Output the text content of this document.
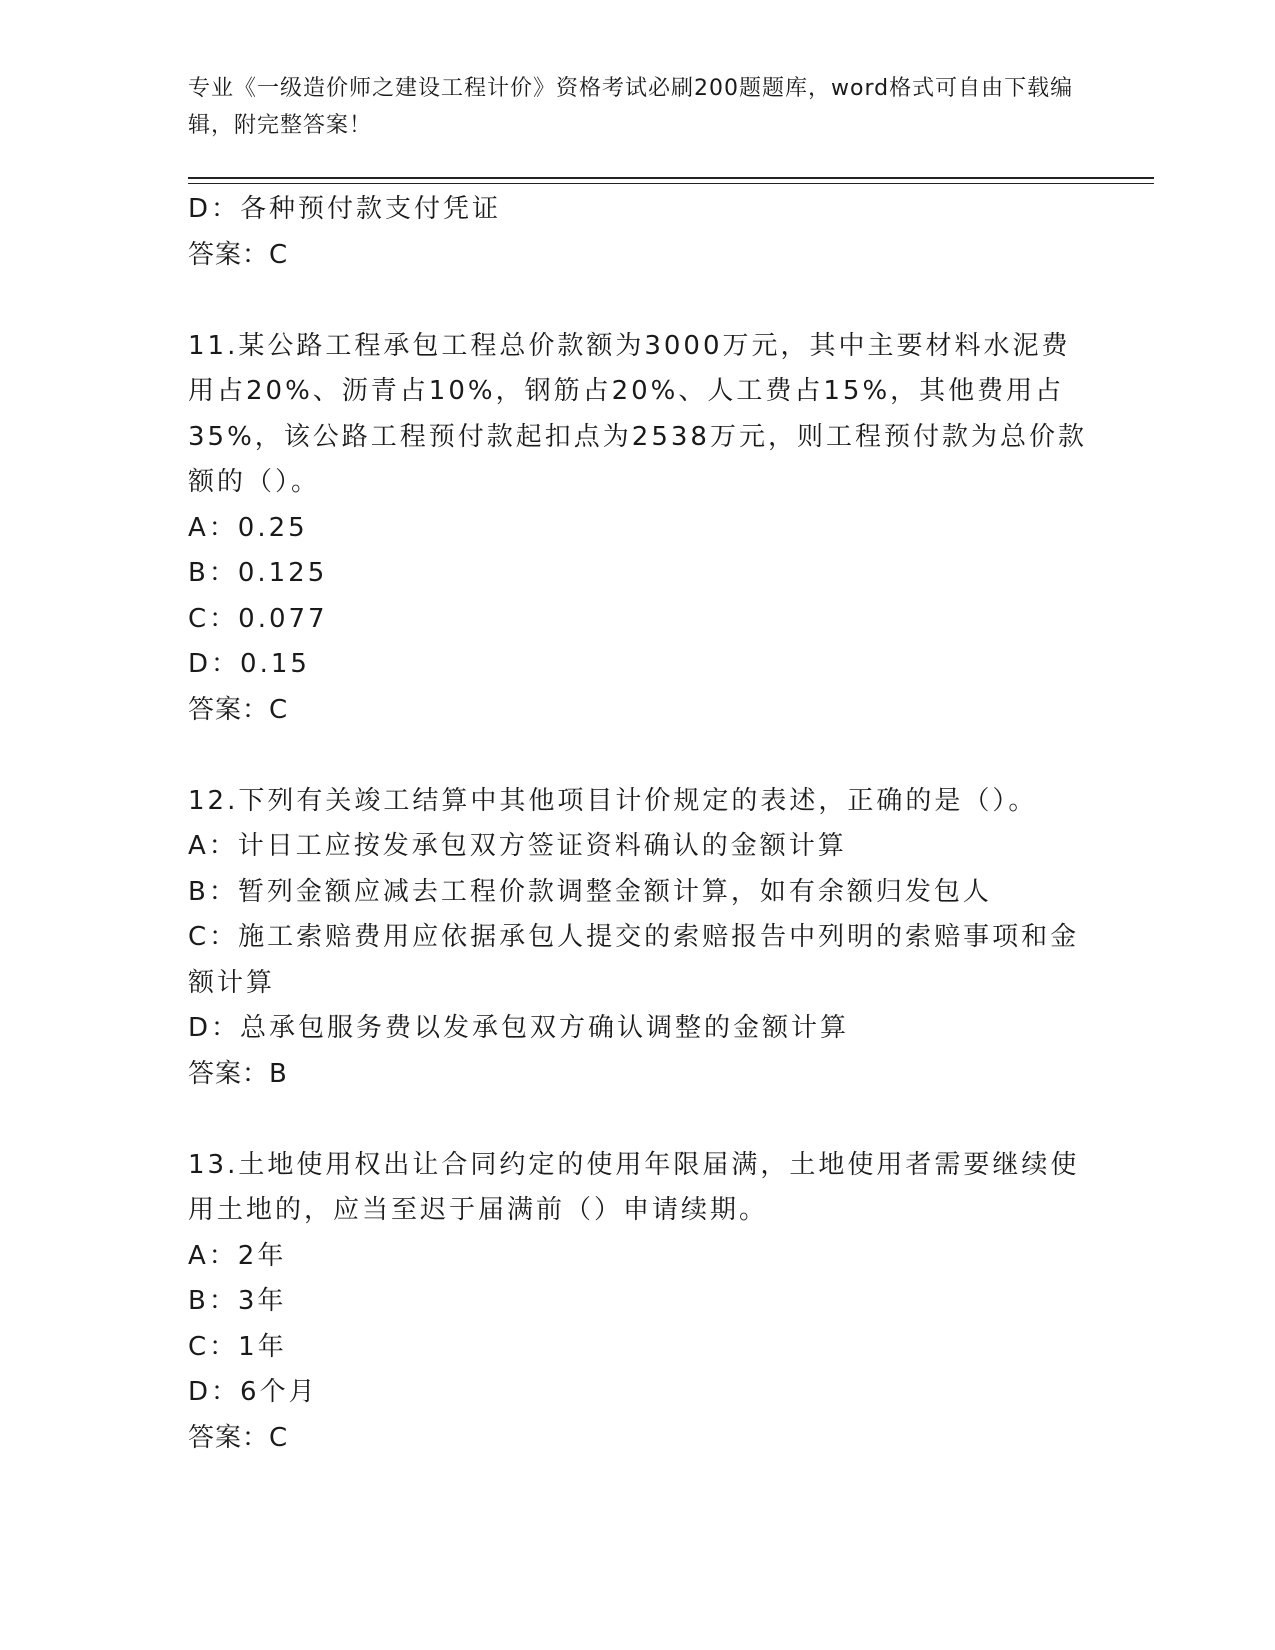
专业《一级造价师之建设工程计价》资格考试必刷200题题库，word格式可自由下载编辑，附完整答案！
D：各种预付款支付凭证
答案：C
11.某公路工程承包工程总价款额为3000万元，其中主要材料水泥费
用占20%、沥青占10%，钢筋占20%、人工费占15%，其他费用占
35%，该公路工程预付款起扣点为2538万元，则工程预付款为总价款
额的（）。
A：0.25
B：0.125
C：0.077
D：0.15
答案：C
12.下列有关竣工结算中其他项目计价规定的表述，正确的是（）。
A：计日工应按发承包双方签证资料确认的金额计算
B：暂列金额应减去工程价款调整金额计算，如有余额归发包人
C：施工索赔费用应依据承包人提交的索赔报告中列明的索赔事项和金
额计算
D：总承包服务费以发承包双方确认调整的金额计算
答案：B
13.土地使用权出让合同约定的使用年限届满，土地使用者需要继续使
用土地的，应当至迟于届满前（）申请续期。
A：2年
B：3年
C：1年
D：6个月
答案：C
